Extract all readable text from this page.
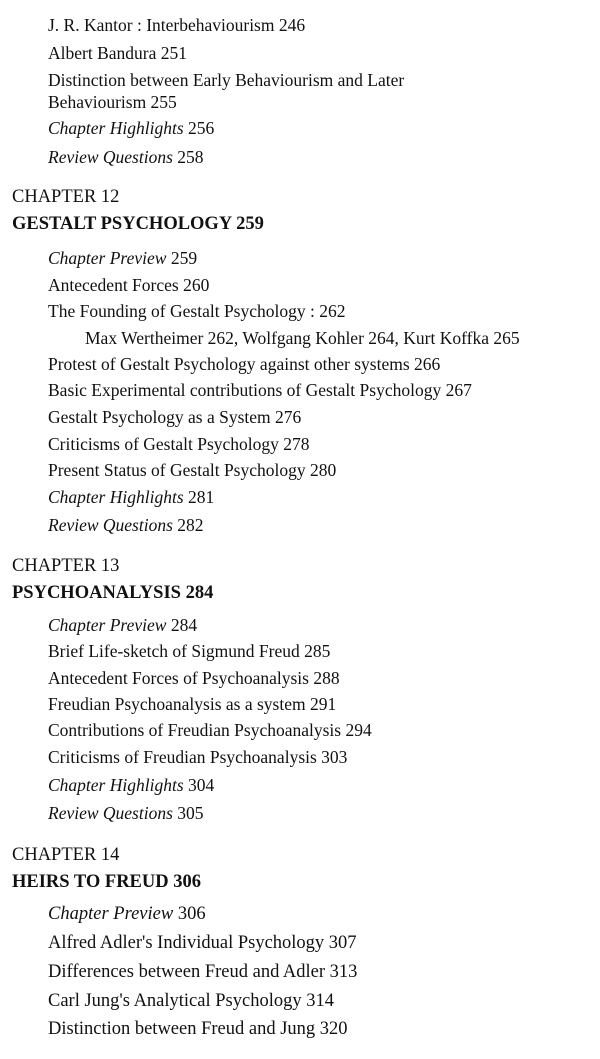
J. R. Kantor : Interbehaviourism 246
Albert Bandura 251
Distinction between Early Behaviourism and Later
Behaviourism 255
Chapter Highlights 256
Review Questions 258
CHAPTER 12
GESTALT PSYCHOLOGY 259
Chapter Preview 259
Antecedent Forces 260
The Founding of Gestalt Psychology : 262
Max Wertheimer 262, Wolfgang Kohler 264, Kurt Koffka 265
Protest of Gestalt Psychology against other systems 266
Basic Experimental contributions of Gestalt Psychology 267
Gestalt Psychology as a System 276
Criticisms of Gestalt Psychology 278
Present Status of Gestalt Psychology 280
Chapter Highlights 281
Review Questions 282
CHAPTER 13
PSYCHOANALYSIS 284
Chapter Preview 284
Brief Life-sketch of Sigmund Freud 285
Antecedent Forces of Psychoanalysis 288
Freudian Psychoanalysis as a system 291
Contributions of Freudian Psychoanalysis 294
Criticisms of Freudian Psychoanalysis 303
Chapter Highlights 304
Review Questions 305
CHAPTER 14
HEIRS TO FREUD 306
Chapter Preview 306
Alfred Adler's Individual Psychology 307
Differences between Freud and Adler 313
Carl Jung's Analytical Psychology 314
Distinction between Freud and Jung 320
